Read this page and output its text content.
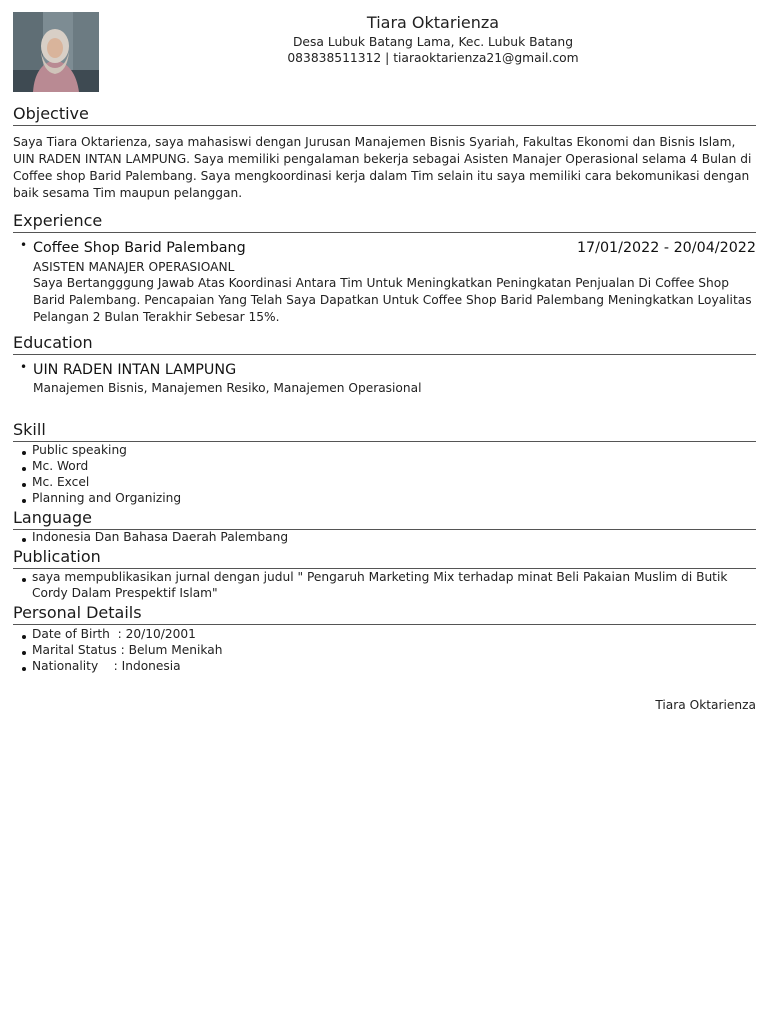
Tiara Oktarienza
Desa Lubuk Batang Lama, Kec. Lubuk Batang
083838511312 | tiaraoktarienza21@gmail.com
Objective
Saya Tiara Oktarienza, saya mahasiswi dengan Jurusan Manajemen Bisnis Syariah, Fakultas Ekonomi dan Bisnis Islam, UIN RADEN INTAN LAMPUNG. Saya memiliki pengalaman bekerja sebagai Asisten Manajer Operasional selama 4 Bulan di Coffee shop Barid Palembang. Saya mengkoordinasi kerja dalam Tim selain itu saya memiliki cara bekomunikasi dengan baik sesama Tim maupun pelanggan.
Experience
• Coffee Shop Barid Palembang	17/01/2022 - 20/04/2022
ASISTEN MANAJER OPERASIOANL
Saya Bertangggung Jawab Atas Koordinasi Antara Tim Untuk Meningkatkan Peningkatan Penjualan Di Coffee Shop Barid Palembang. Pencapaian Yang Telah Saya Dapatkan Untuk Coffee Shop Barid Palembang Meningkatkan Loyalitas Pelangan 2 Bulan Terakhir Sebesar 15%.
Education
• UIN RADEN INTAN LAMPUNG
Manajemen Bisnis, Manajemen Resiko, Manajemen Operasional
Skill
Public speaking
Mc. Word
Mc. Excel
Planning and Organizing
Language
Indonesia Dan Bahasa Daerah Palembang
Publication
saya mempublikasikan jurnal dengan judul " Pengaruh Marketing Mix terhadap minat Beli Pakaian Muslim di Butik Cordy Dalam Prespektif Islam"
Personal Details
Date of Birth  : 20/10/2001
Marital Status : Belum Menikah
Nationality    : Indonesia
Tiara Oktarienza
